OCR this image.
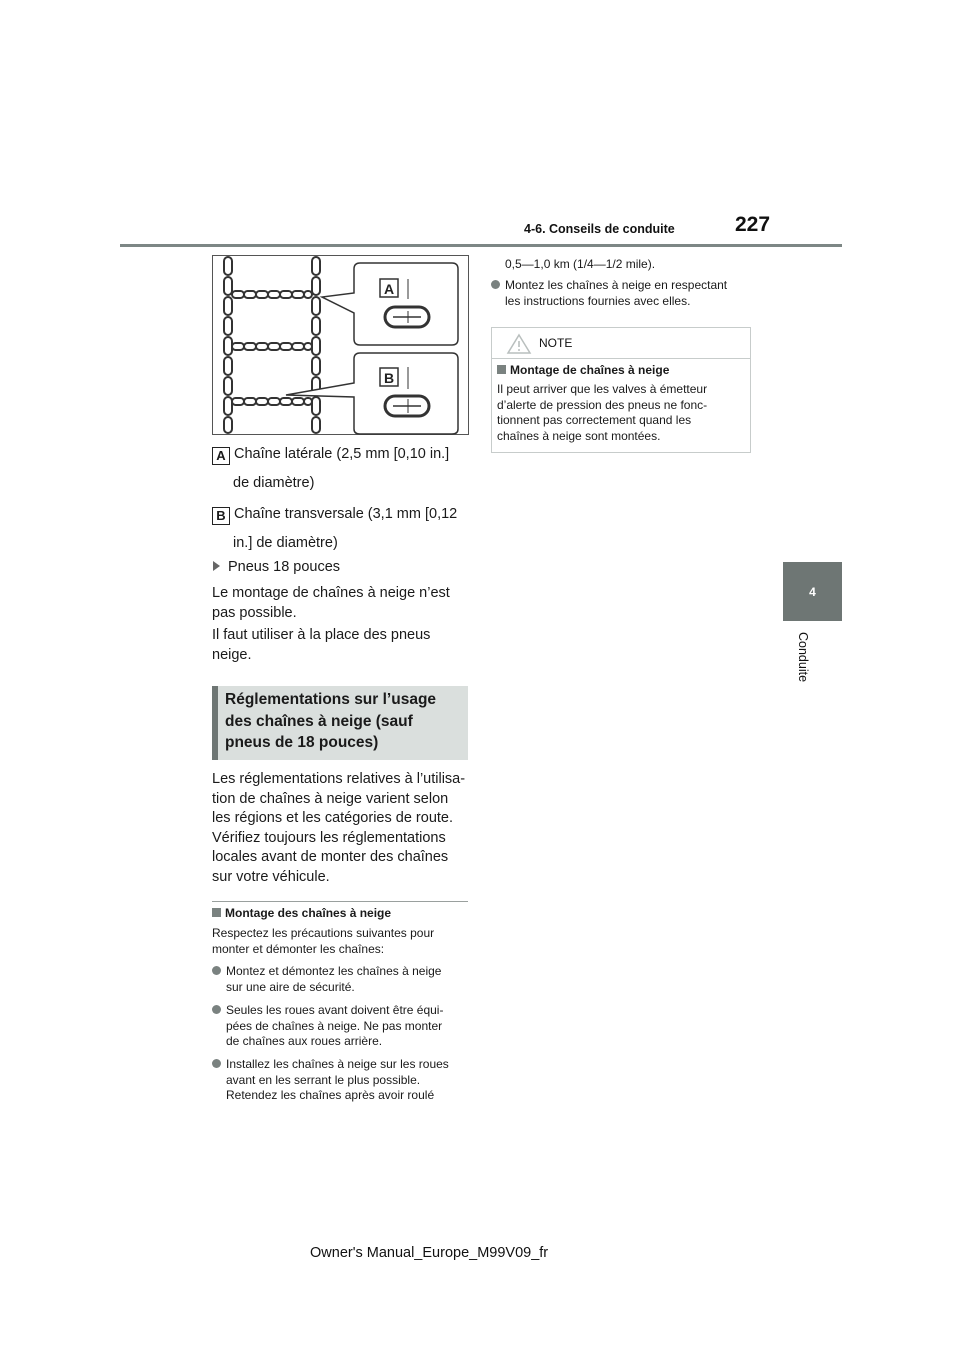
4-6. Conseils de conduite	227
4
Conduite
A
B
A Chaîne latérale (2,5 mm [0,10 in.]
de diamètre)
B Chaîne transversale (3,1 mm [0,12
in.] de diamètre)
Pneus 18 pouces
Le montage de chaînes à neige n’est
pas possible.
Il faut utiliser à la place des pneus
neige.
Réglementations sur l’usage
des chaînes à neige (sauf
pneus de 18 pouces)
Les réglementations relatives à l’utilisa-
tion de chaînes à neige varient selon
les régions et les catégories de route.
Vérifiez toujours les réglementations
locales avant de monter des chaînes
sur votre véhicule.
Montage des chaînes à neige
Respectez les précautions suivantes pour
monter et démonter les chaînes:
Montez et démontez les chaînes à neige
sur une aire de sécurité.
Seules les roues avant doivent être équi-
pées de chaînes à neige. Ne pas monter
de chaînes aux roues arrière.
Installez les chaînes à neige sur les roues
avant en les serrant le plus possible.
Retendez les chaînes après avoir roulé
0,5—1,0 km (1/4—1/2 mile).
Montez les chaînes à neige en respectant
les instructions fournies avec elles.
NOTE
Montage de chaînes à neige
Il peut arriver que les valves à émetteur
d’alerte de pression des pneus ne fonc-
tionnent pas correctement quand les
chaînes à neige sont montées.
Owner's Manual_Europe_M99V09_fr
